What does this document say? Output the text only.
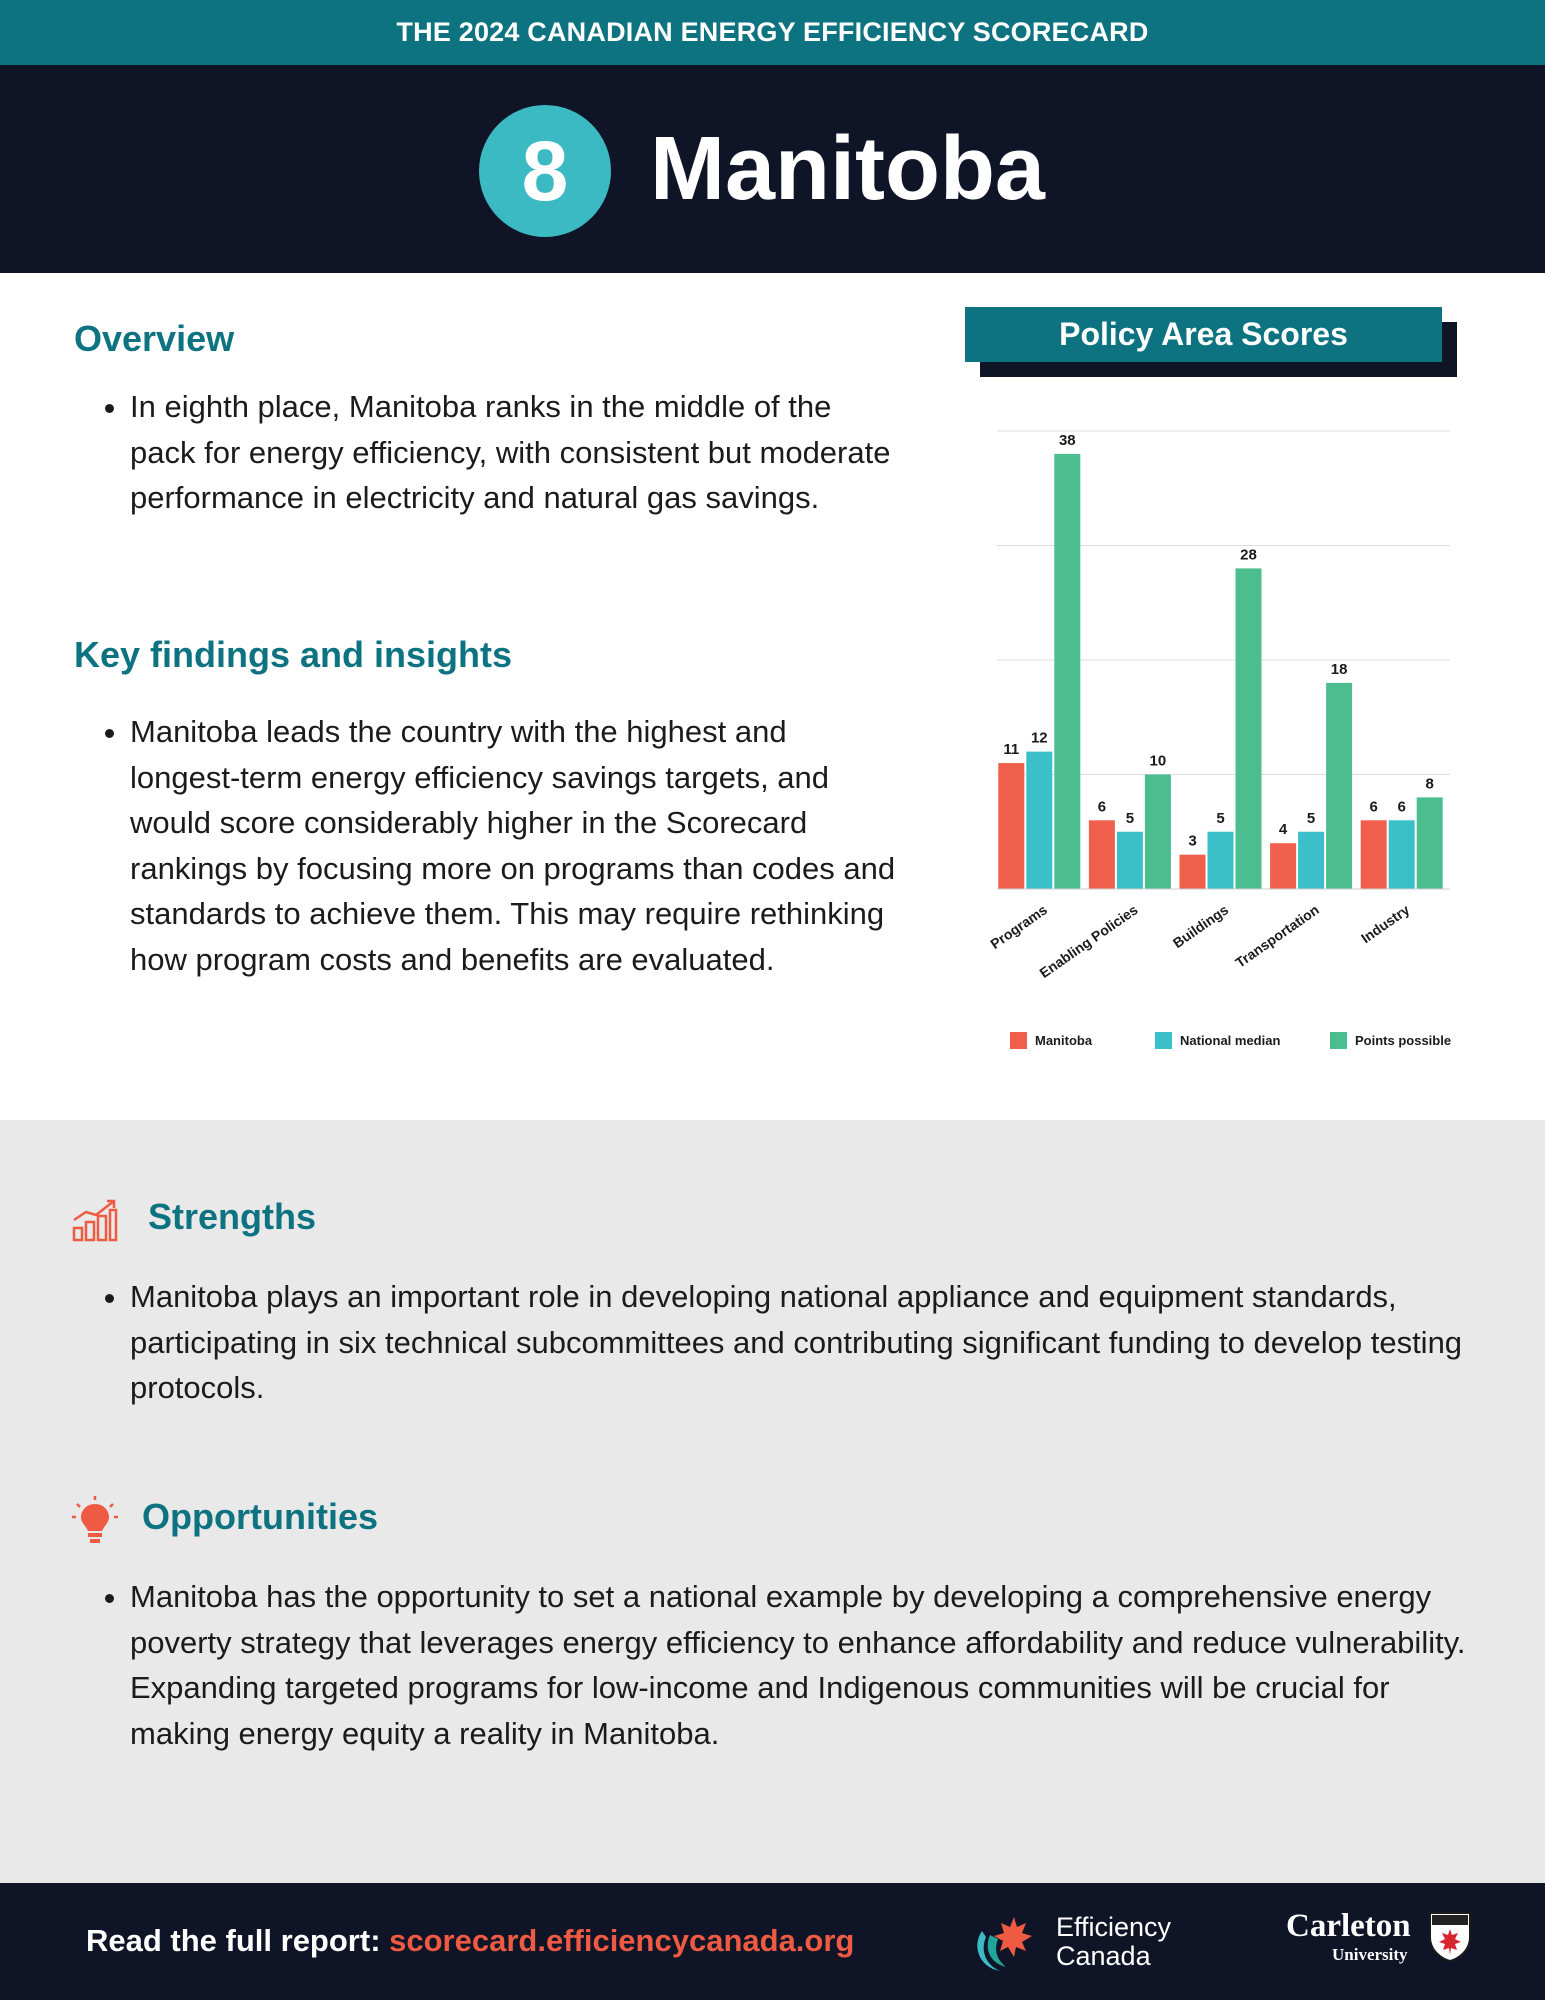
THE 2024 CANADIAN ENERGY EFFICIENCY SCORECARD
8 Manitoba
Overview
• In eighth place, Manitoba ranks in the middle of the pack for energy efficiency, with consistent but moderate performance in electricity and natural gas savings.
Key findings and insights
• Manitoba leads the country with the highest and longest-term energy efficiency savings targets, and would score considerably higher in the Scorecard rankings by focusing more on programs than codes and standards to achieve them. This may require rethinking how program costs and benefits are evaluated.
Policy Area Scores
11
12
38
Programs
6
5
10
Enabling Policies
3
5
28
Buildings
4
5
18
Transportation
6 6
8
Industry
Manitoba	National median	Points possible
Strengths
• Manitoba plays an important role in developing national appliance and equipment standards, participating in six technical subcommittees and contributing significant funding to develop testing protocols.
Opportunities
• Manitoba has the opportunity to set a national example by developing a comprehensive energy poverty strategy that leverages energy efficiency to enhance affordability and reduce vulnerability. Expanding targeted programs for low-income and Indigenous communities will be crucial for making energy equity a reality in Manitoba.
Read the full report: scorecard.efficiencycanada.org	Efficiency
Canada
Carleton
University
